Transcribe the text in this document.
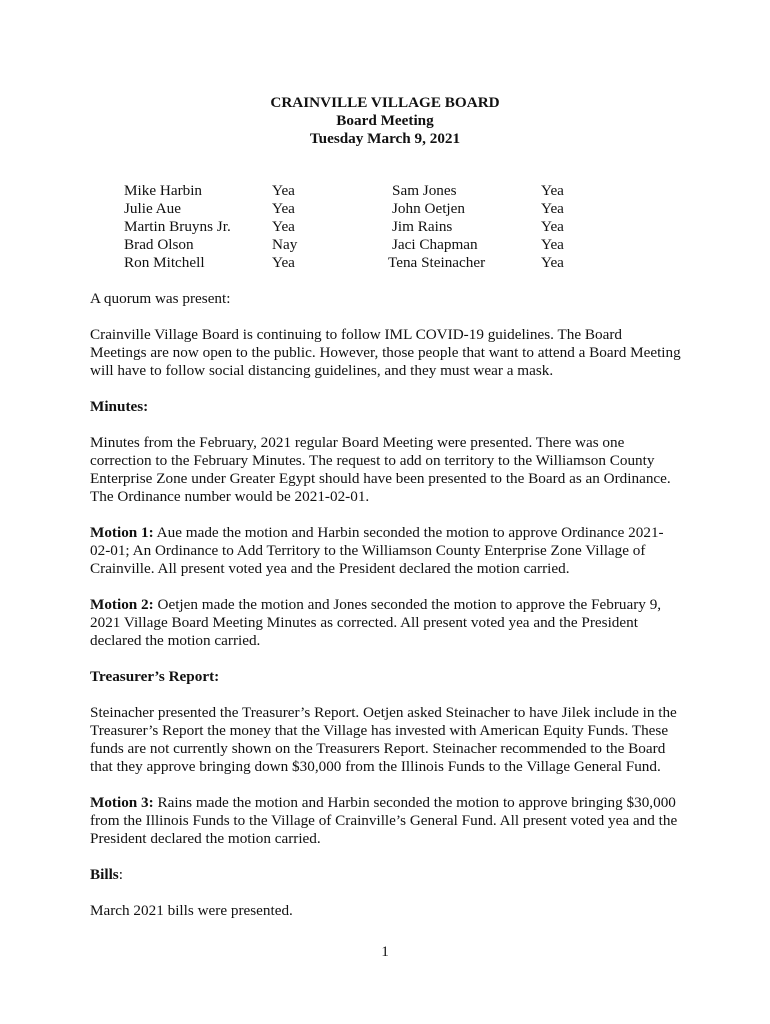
CRAINVILLE VILLAGE BOARD
Board Meeting
Tuesday March 9, 2021
Mike Harbin	Yea	Sam Jones	Yea
Julie Aue	Yea	John Oetjen	Yea
Martin Bruyns Jr.	Yea	Jim Rains	Yea
Brad Olson	Nay	Jaci Chapman	Yea
Ron Mitchell	Yea	Tena Steinacher	Yea

A quorum was present:

Crainville Village Board is continuing to follow IML COVID-19 guidelines. The Board Meetings are now open to the public. However, those people that want to attend a Board Meeting will have to follow social distancing guidelines, and they must wear a mask.

Minutes:

Minutes from the February, 2021 regular Board Meeting were presented. There was one correction to the February Minutes. The request to add on territory to the Williamson County Enterprise Zone under Greater Egypt should have been presented to the Board as an Ordinance. The Ordinance number would be 2021-02-01.

Motion 1: Aue made the motion and Harbin seconded the motion to approve Ordinance 2021-02-01; An Ordinance to Add Territory to the Williamson County Enterprise Zone Village of Crainville. All present voted yea and the President declared the motion carried.

Motion 2: Oetjen made the motion and Jones seconded the motion to approve the February 9, 2021 Village Board Meeting Minutes as corrected. All present voted yea and the President declared the motion carried.

Treasurer’s Report:

Steinacher presented the Treasurer’s Report. Oetjen asked Steinacher to have Jilek include in the Treasurer’s Report the money that the Village has invested with American Equity Funds. These funds are not currently shown on the Treasurers Report. Steinacher recommended to the Board that they approve bringing down $30,000 from the Illinois Funds to the Village General Fund.

Motion 3: Rains made the motion and Harbin seconded the motion to approve bringing $30,000 from the Illinois Funds to the Village of Crainville’s General Fund. All present voted yea and the President declared the motion carried.

Bills:

March 2021 bills were presented.

1
